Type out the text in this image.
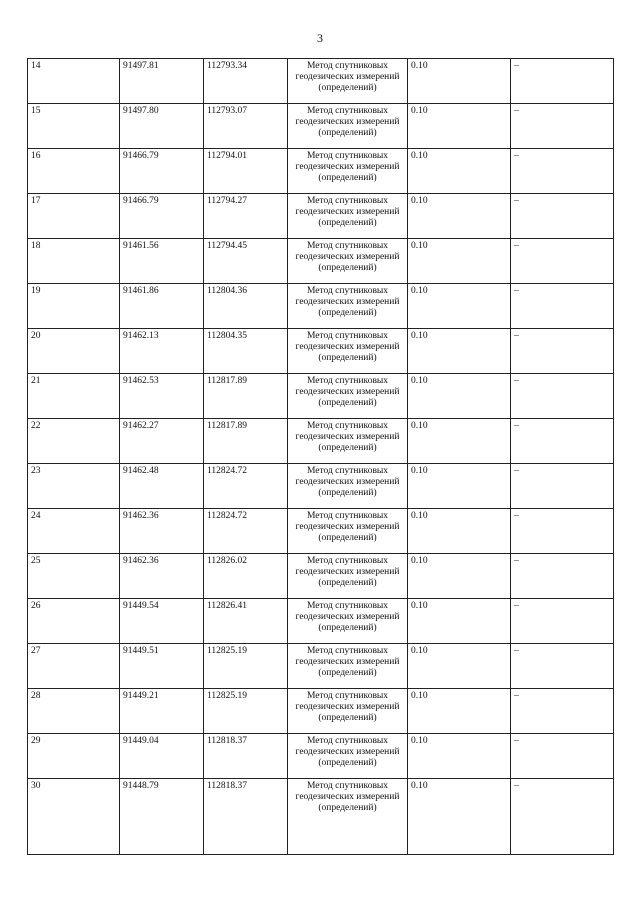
3
14	91497.81	112793.34	Метод спутниковых геодезических измерений (определений)	0.10	–
15	91497.80	112793.07	Метод спутниковых геодезических измерений (определений)	0.10	–
16	91466.79	112794.01	Метод спутниковых геодезических измерений (определений)	0.10	–
17	91466.79	112794.27	Метод спутниковых геодезических измерений (определений)	0.10	–
18	91461.56	112794.45	Метод спутниковых геодезических измерений (определений)	0.10	–
19	91461.86	112804.36	Метод спутниковых геодезических измерений (определений)	0.10	–
20	91462.13	112804.35	Метод спутниковых геодезических измерений (определений)	0.10	–
21	91462.53	112817.89	Метод спутниковых геодезических измерений (определений)	0.10	–
22	91462.27	112817.89	Метод спутниковых геодезических измерений (определений)	0.10	–
23	91462.48	112824.72	Метод спутниковых геодезических измерений (определений)	0.10	–
24	91462.36	112824.72	Метод спутниковых геодезических измерений (определений)	0.10	–
25	91462.36	112826.02	Метод спутниковых геодезических измерений (определений)	0.10	–
26	91449.54	112826.41	Метод спутниковых геодезических измерений (определений)	0.10	–
27	91449.51	112825.19	Метод спутниковых геодезических измерений (определений)	0.10	–
28	91449.21	112825.19	Метод спутниковых геодезических измерений (определений)	0.10	–
29	91449.04	112818.37	Метод спутниковых геодезических измерений (определений)	0.10	–
30	91448.79	112818.37	Метод спутниковых геодезических измерений (определений)	0.10	–
